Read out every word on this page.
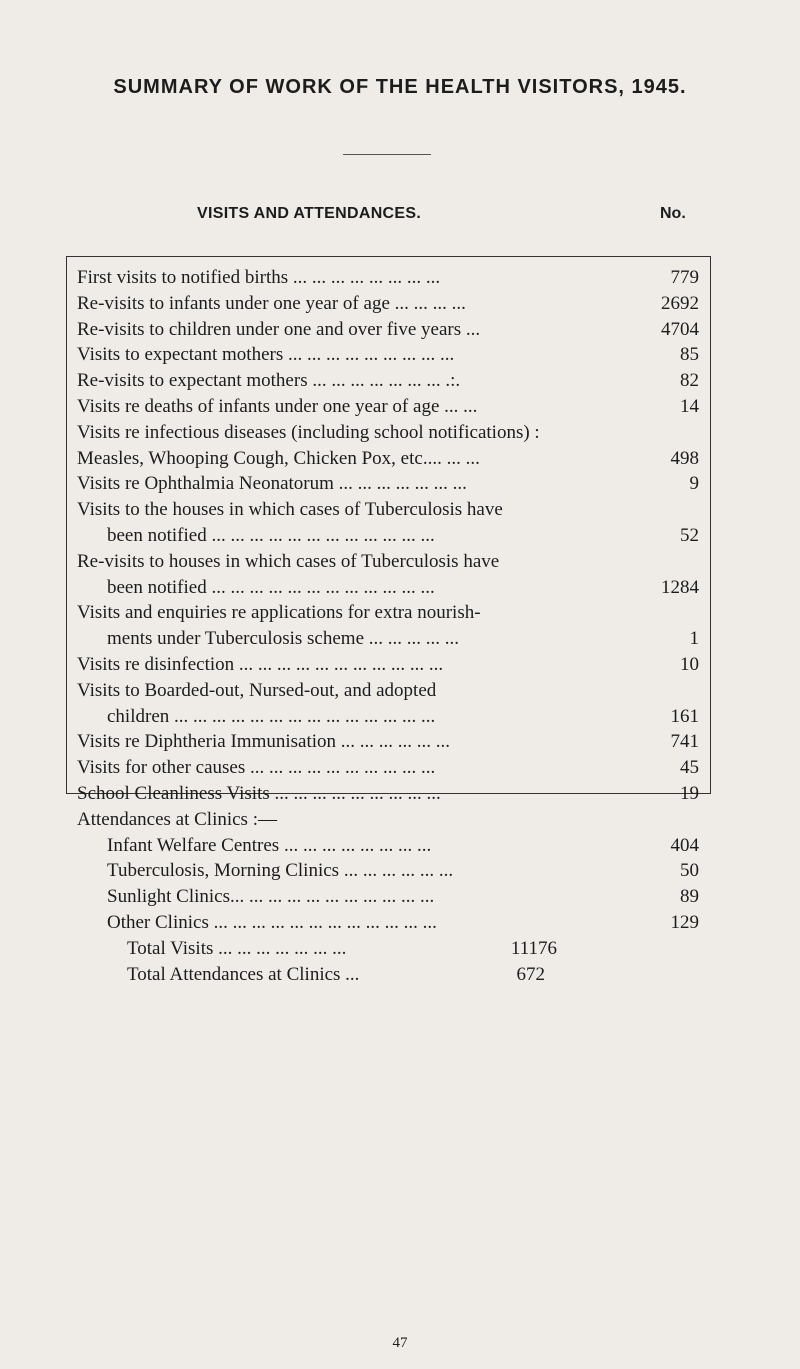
SUMMARY OF WORK OF THE HEALTH VISITORS, 1945.
VISITS AND ATTENDANCES.	No.
First visits to notified births ... ... ... ... ... ... ... ...	779
Re-visits to infants under one year of age ... ... ... ...	2692
Re-visits to children under one and over five years ...	4704
Visits to expectant mothers ... ... ... ... ... ... ... ... ...	85
Re-visits to expectant mothers ... ... ... ... ... ... ... .:.	82
Visits re deaths of infants under one year of age ... ...	14
Visits re infectious diseases (including school notifications) :
Measles, Whooping Cough, Chicken Pox, etc.... ... ...	498
Visits re Ophthalmia Neonatorum ... ... ... ... ... ... ...	9
Visits to the houses in which cases of Tuberculosis have
been notified ... ... ... ... ... ... ... ... ... ... ... ...	52
Re-visits to houses in which cases of Tuberculosis have
been notified ... ... ... ... ... ... ... ... ... ... ... ...	1284
Visits and enquiries re applications for extra nourish-
ments under Tuberculosis scheme ... ... ... ... ...	1
Visits re disinfection ... ... ... ... ... ... ... ... ... ... ...	10
Visits to Boarded-out, Nursed-out, and adopted
children ... ... ... ... ... ... ... ... ... ... ... ... ... ...	161
Visits re Diphtheria Immunisation ... ... ... ... ... ...	741
Visits for other causes ... ... ... ... ... ... ... ... ... ...	45
School Cleanliness Visits ... ... ... ... ... ... ... ... ...	19
Attendances at Clinics :—
Infant Welfare Centres ... ... ... ... ... ... ... ...	404
Tuberculosis, Morning Clinics ... ... ... ... ... ...	50
Sunlight Clinics... ... ... ... ... ... ... ... ... ... ...	89
Other Clinics ... ... ... ... ... ... ... ... ... ... ... ...	129
Total Visits ... ... ... ... ... ... ...	11176
Total Attendances at Clinics ...	672
47
